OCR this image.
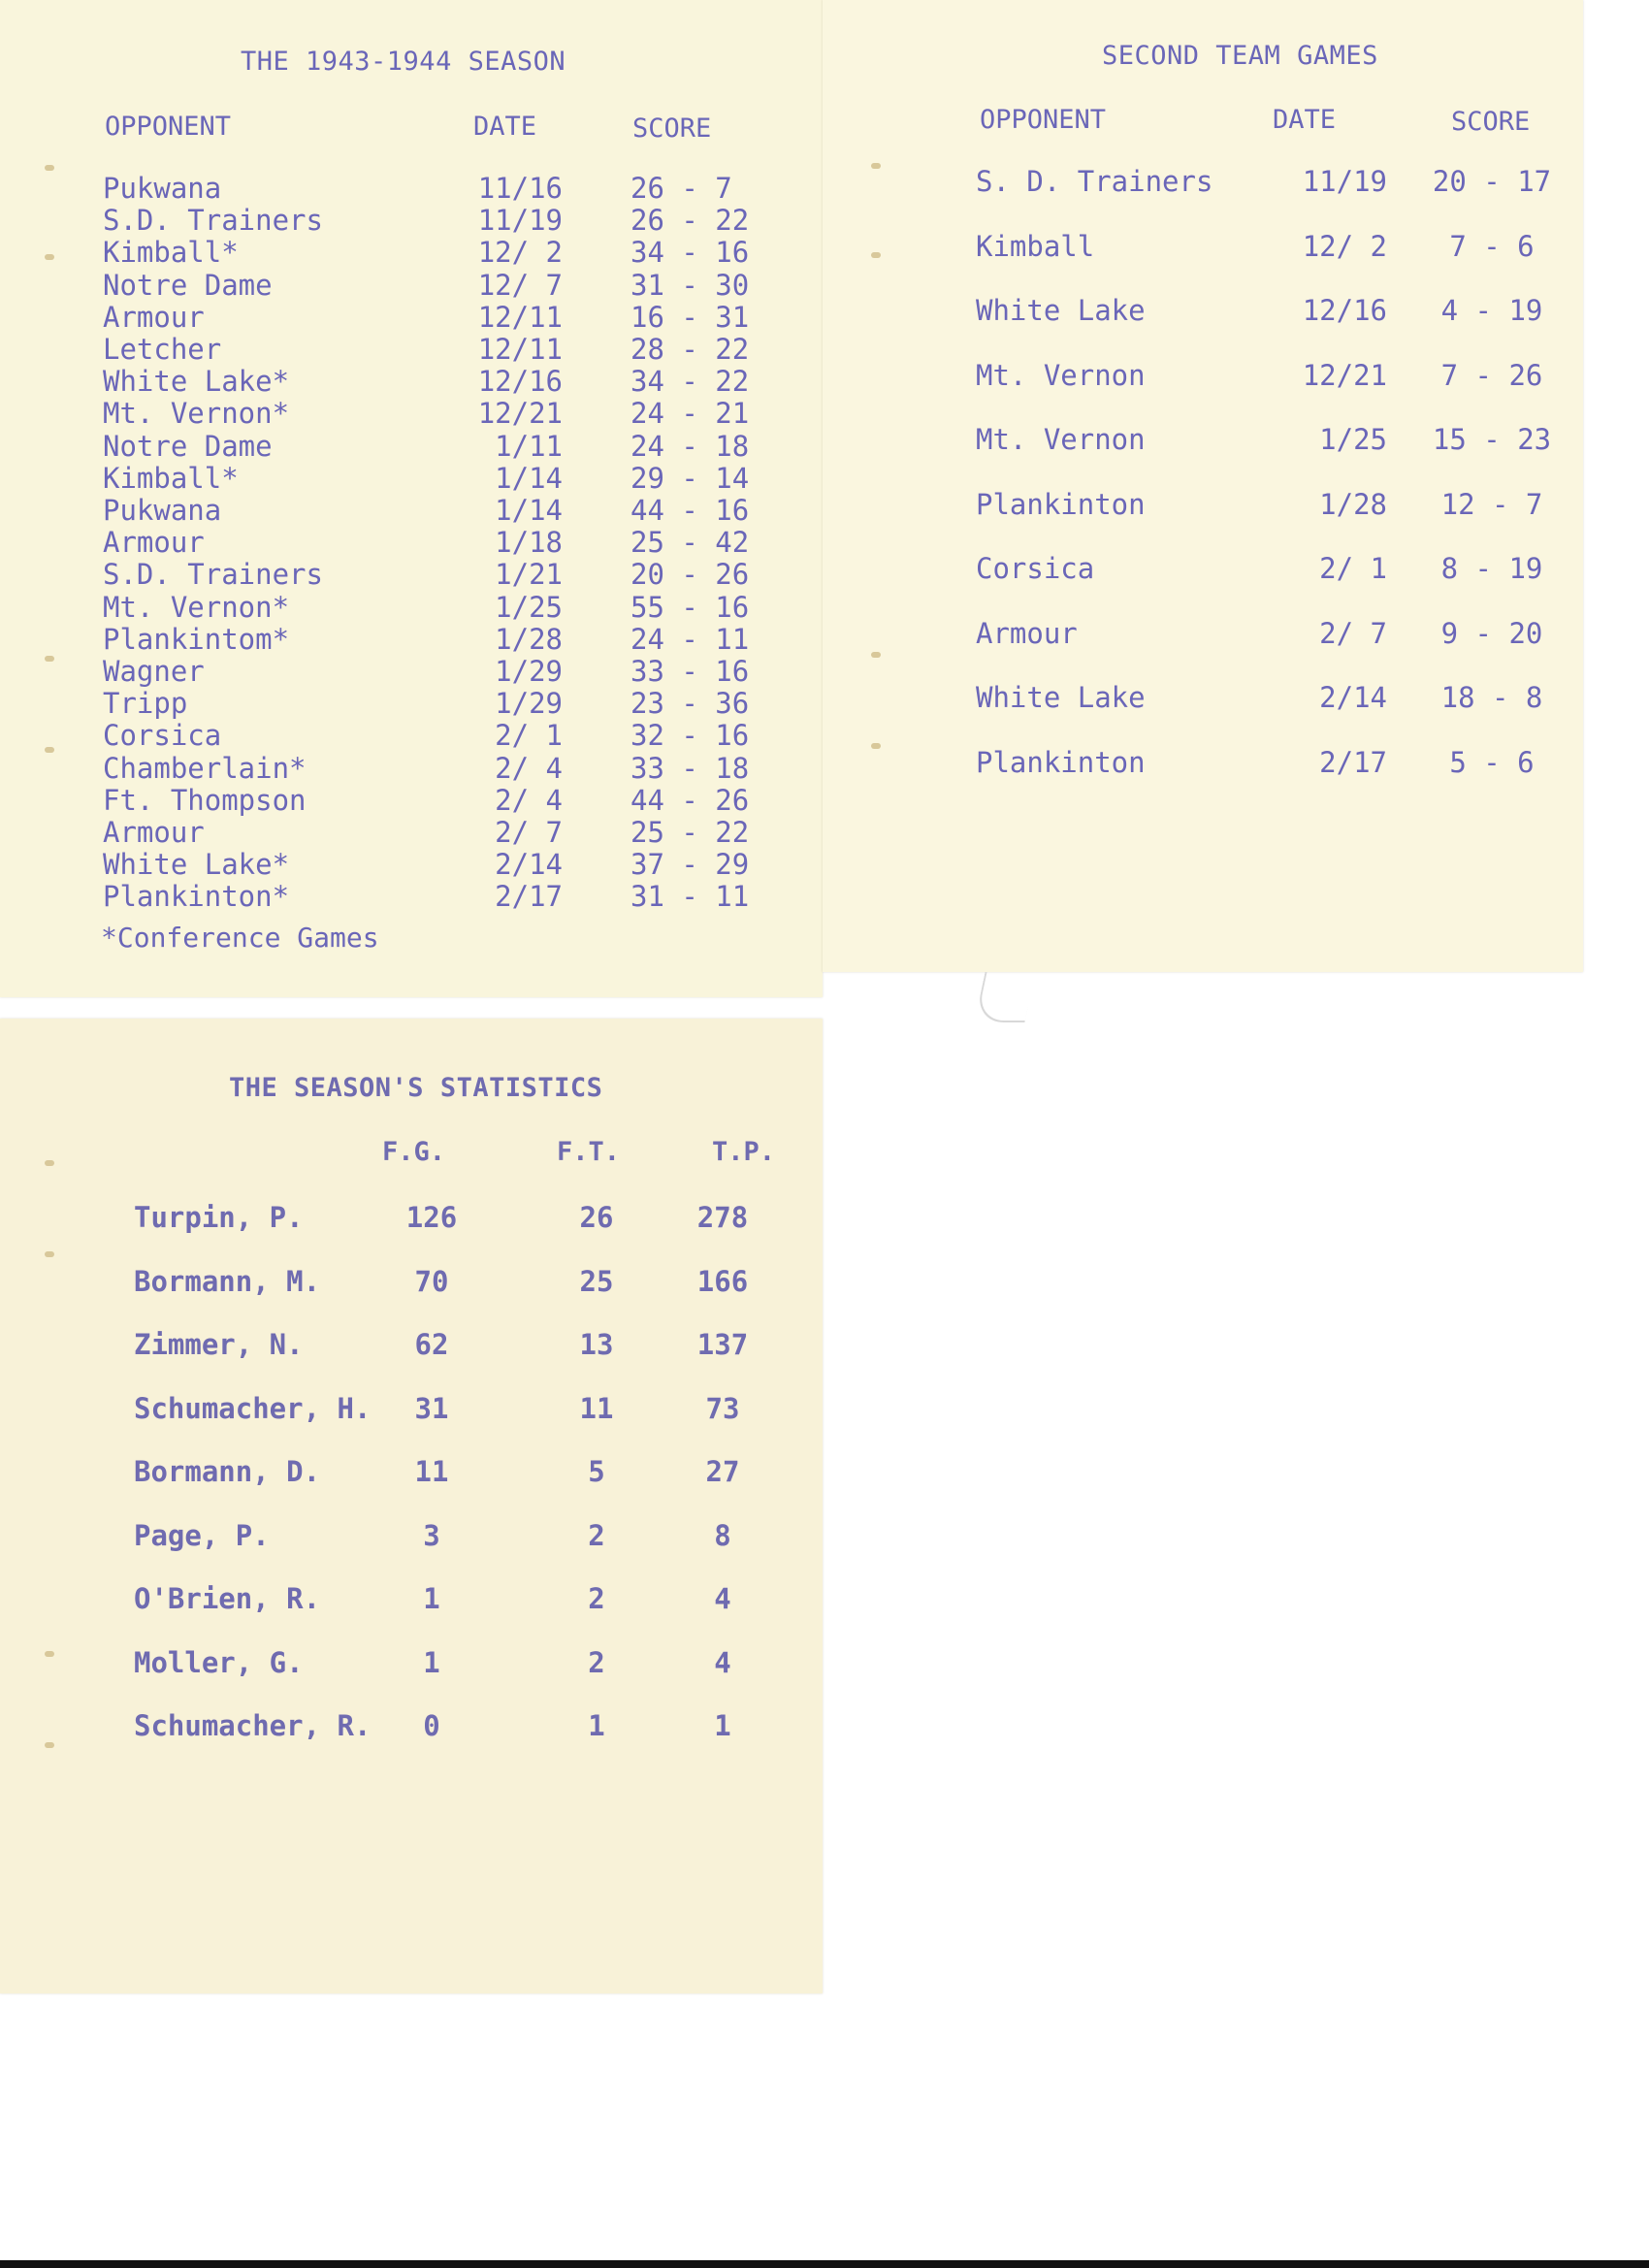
THE 1943-1944 SEASON
OPPONENT	DATE	SCORE
Pukwana	11/16 26 - 7
S.D. Trainers	11/19 26 - 22
Kimball*	12/ 2 34 - 16
Notre Dame	12/ 7 31 - 30
Armour	12/11 16 - 31
Letcher	12/11 28 - 22
White Lake*	12/16 34 - 22
Mt. Vernon*	12/21 24 - 21
Notre Dame	1/11 24 - 18
Kimball*	1/14 29 - 14
Pukwana	1/14 44 - 16
Armour	1/18 25 - 42
S.D. Trainers	1/21 20 - 26
Mt. Vernon*	1/25 55 - 16
Plankintom*	1/28 24 - 11
Wagner	1/29 33 - 16
Tripp	1/29 23 - 36
Corsica	2/ 1 32 - 16
Chamberlain*	2/ 4 33 - 18
Ft. Thompson	2/ 4 44 - 26
Armour	2/ 7 25 - 22
White Lake*	2/14 37 - 29
Plankinton*	2/17 31 - 11
*Conference Games
SECOND TEAM GAMES
OPPONENT	DATE	SCORE
S. D. Trainers	11/19	20 - 17
Kimball	12/ 2	7 - 6
White Lake	12/16	4 - 19
Mt. Vernon	12/21	7 - 26
Mt. Vernon	1/25	15 - 23
Plankinton	1/28	12 - 7
Corsica	2/ 1	8 - 19
Armour	2/ 7	9 - 20
White Lake	2/14	18 - 8
Plankinton	2/17	5 - 6
THE SEASON'S STATISTICS
F.G.	F.T.	T.P.
Turpin, P.	126	26	278
Bormann, M.	70	25	166
Zimmer, N.	62	13	137
Schumacher, H.	31	11	73
Bormann, D.	11	5	27
Page, P.	3	2	8
O'Brien, R.	1	2	4
Moller, G.	1	2	4
Schumacher, R.	0	1	1
